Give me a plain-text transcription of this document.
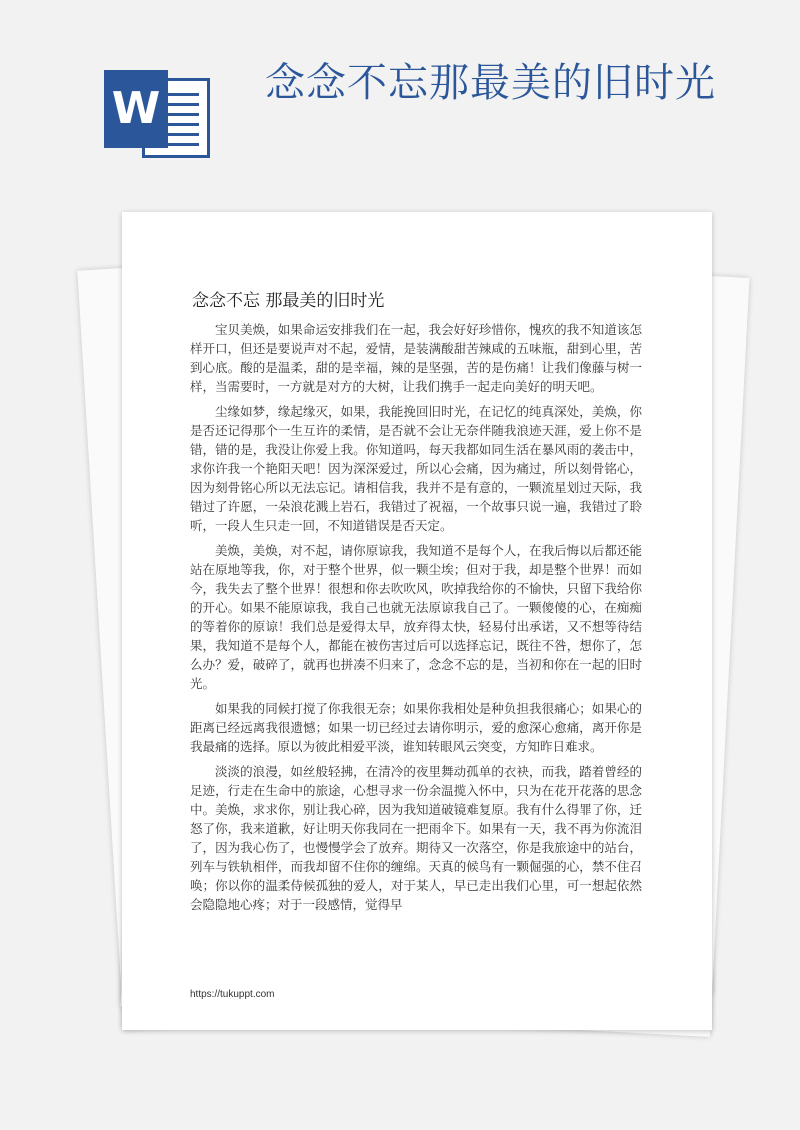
W	念念不忘那最美的旧时光
念念不忘 那最美的旧时光

宝贝美焕，如果命运安排我们在一起，我会好好珍惜你，愧疚的我不知道该怎样开口，但还是要说声对不起，爱情，是装满酸甜苦辣咸的五味瓶，甜到心里，苦到心底。酸的是温柔，甜的是幸福，辣的是坚强，苦的是伤痛！让我们像藤与树一样，当需要时，一方就是对方的大树，让我们携手一起走向美好的明天吧。

尘缘如梦，缘起缘灭，如果，我能挽回旧时光，在记忆的纯真深处，美焕，你是否还记得那个一生互许的柔情，是否就不会让无奈伴随我浪迹天涯，爱上你不是错，错的是，我没让你爱上我。你知道吗，每天我都如同生活在暴风雨的袭击中，求你许我一个艳阳天吧！因为深深爱过，所以心会痛，因为痛过，所以刻骨铭心，因为刻骨铭心所以无法忘记。请相信我，我并不是有意的，一颗流星划过天际，我错过了许愿，一朵浪花溅上岩石，我错过了祝福，一个故事只说一遍，我错过了聆听，一段人生只走一回，不知道错误是否天定。

美焕，美焕，对不起，请你原谅我，我知道不是每个人，在我后悔以后都还能站在原地等我，你，对于整个世界，似一颗尘埃；但对于我，却是整个世界！而如今，我失去了整个世界！很想和你去吹吹风，吹掉我给你的不愉快，只留下我给你的开心。如果不能原谅我，我自己也就无法原谅我自己了。一颗傻傻的心，在痴痴的等着你的原谅！我们总是爱得太早，放弃得太快，轻易付出承诺，又不想等待结果，我知道不是每个人，都能在被伤害过后可以选择忘记，既往不咎，想你了，怎么办？爱，破碎了，就再也拼凑不归来了，念念不忘的是，当初和你在一起的旧时光。

如果我的同候打搅了你我很无奈；如果你我相处是种负担我很痛心；如果心的距离已经远离我很遗憾；如果一切已经过去请你明示，爱的愈深心愈痛，离开你是我最痛的选择。原以为彼此相爱平淡，谁知转眼风云突变，方知昨日难求。

淡淡的浪漫，如丝般轻拂，在清冷的夜里舞动孤单的衣袂，而我，踏着曾经的足迹，行走在生命中的旅途，心想寻求一份余温揽入怀中，只为在花开花落的思念中。美焕，求求你，别让我心碎，因为我知道破镜难复原。我有什么得罪了你，迁怒了你，我来道歉，好让明天你我同在一把雨伞下。如果有一天，我不再为你流泪了，因为我心伤了，也慢慢学会了放弃。期待又一次落空，你是我旅途中的站台，列车与铁轨相伴，而我却留不住你的缠绵。天真的候鸟有一颗倔强的心，禁不住召唤；你以你的温柔侍候孤独的爱人，对于某人，早已走出我们心里，可一想起依然会隐隐地心疼；对于一段感情，觉得早

https://tukuppt.com
